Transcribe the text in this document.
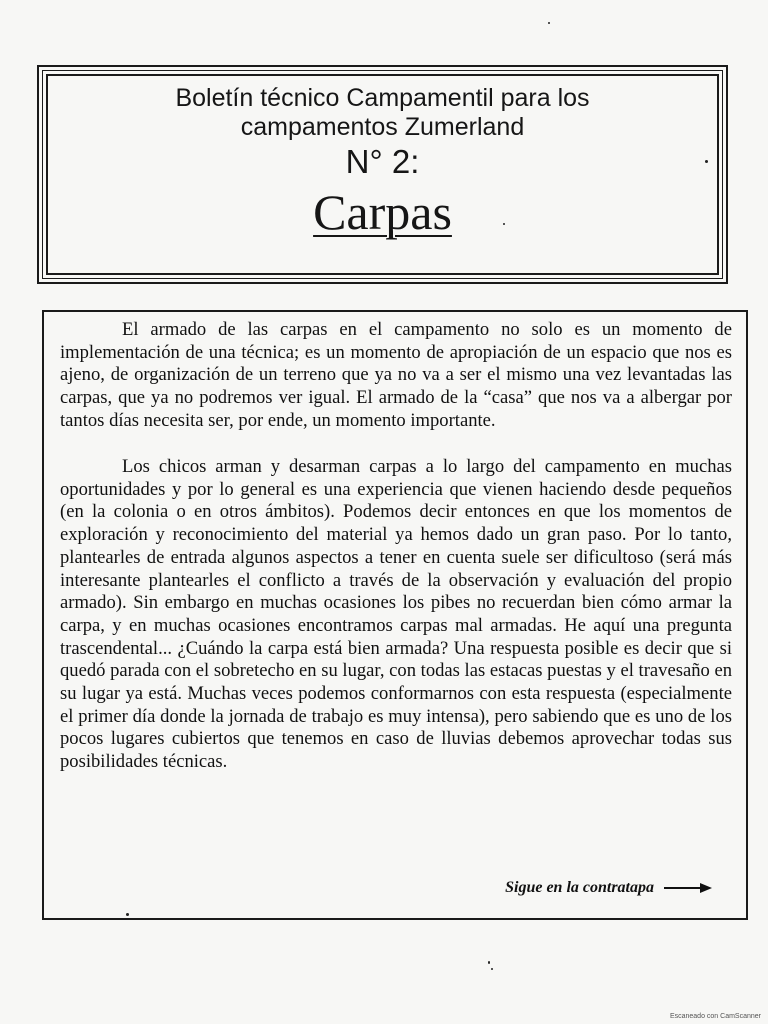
Boletín técnico Campamentil para los
campamentos Zumerland
N° 2:
Carpas

El armado de las carpas en el campamento no solo es un momento de implementación de una técnica; es un momento de apropiación de un espacio que nos es ajeno, de organización de un terreno que ya no va a ser el mismo una vez levantadas las carpas, que ya no podremos ver igual. El armado de la “casa” que nos va a albergar por tantos días necesita ser, por ende, un momento importante.

Los chicos arman y desarman carpas a lo largo del campamento en muchas oportunidades y por lo general es una experiencia que vienen haciendo desde pequeños (en la colonia o en otros ámbitos). Podemos decir entonces en que los momentos de exploración y reconocimiento del material ya hemos dado un gran paso. Por lo tanto, plantearles de entrada algunos aspectos a tener en cuenta suele ser dificultoso (será más interesante plantearles el conflicto a través de la observación y evaluación del propio armado). Sin embargo en muchas ocasiones los pibes no recuerdan bien cómo armar la carpa, y en muchas ocasiones encontramos carpas mal armadas. He aquí una pregunta trascendental... ¿Cuándo la carpa está bien armada? Una respuesta posible es decir que si quedó parada con el sobretecho en su lugar, con todas las estacas puestas y el travesaño en su lugar ya está. Muchas veces podemos conformarnos con esta respuesta (especialmente el primer día donde la jornada de trabajo es muy intensa), pero sabiendo que es uno de los pocos lugares cubiertos que tenemos en caso de lluvias debemos aprovechar todas sus posibilidades técnicas.

Sigue en la contratapa
Escaneado con CamScanner
